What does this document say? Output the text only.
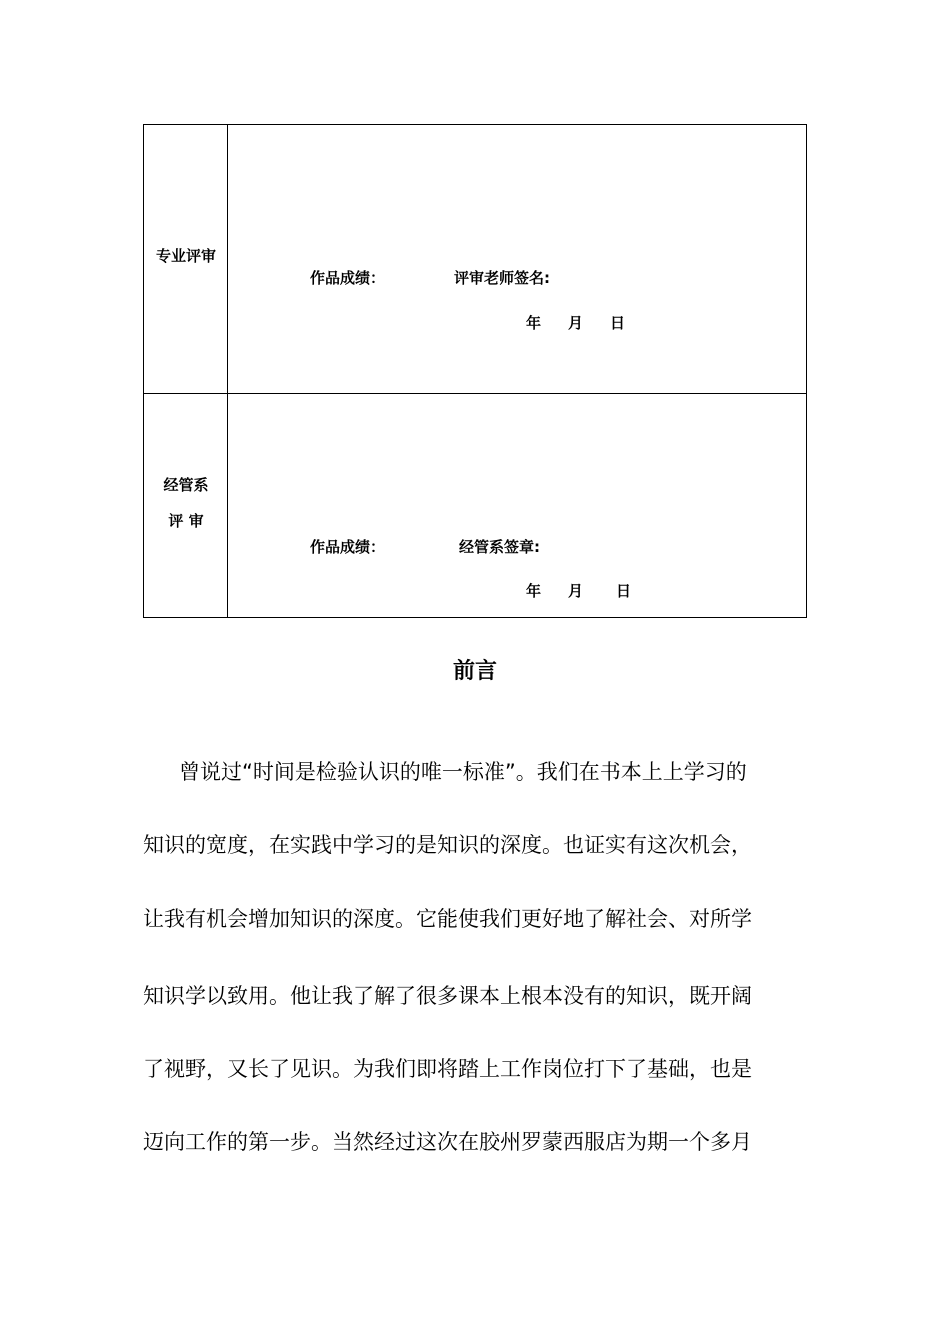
专业评审
作品成绩：	评审老师签名:
年 月 日
经管系
评 审
作品成绩：	经管系签章:
年 月 日
前言
曾说过“时间是检验认识的唯一标准”。我们在书本上上学习的
知识的宽度，在实践中学习的是知识的深度。也证实有这次机会，
让我有机会增加知识的深度。它能使我们更好地了解社会、对所学
知识学以致用。他让我了解了很多课本上根本没有的知识，既开阔
了视野，又长了见识。为我们即将踏上工作岗位打下了基础，也是
迈向工作的第一步。当然经过这次在胶州罗蒙西服店为期一个多月
